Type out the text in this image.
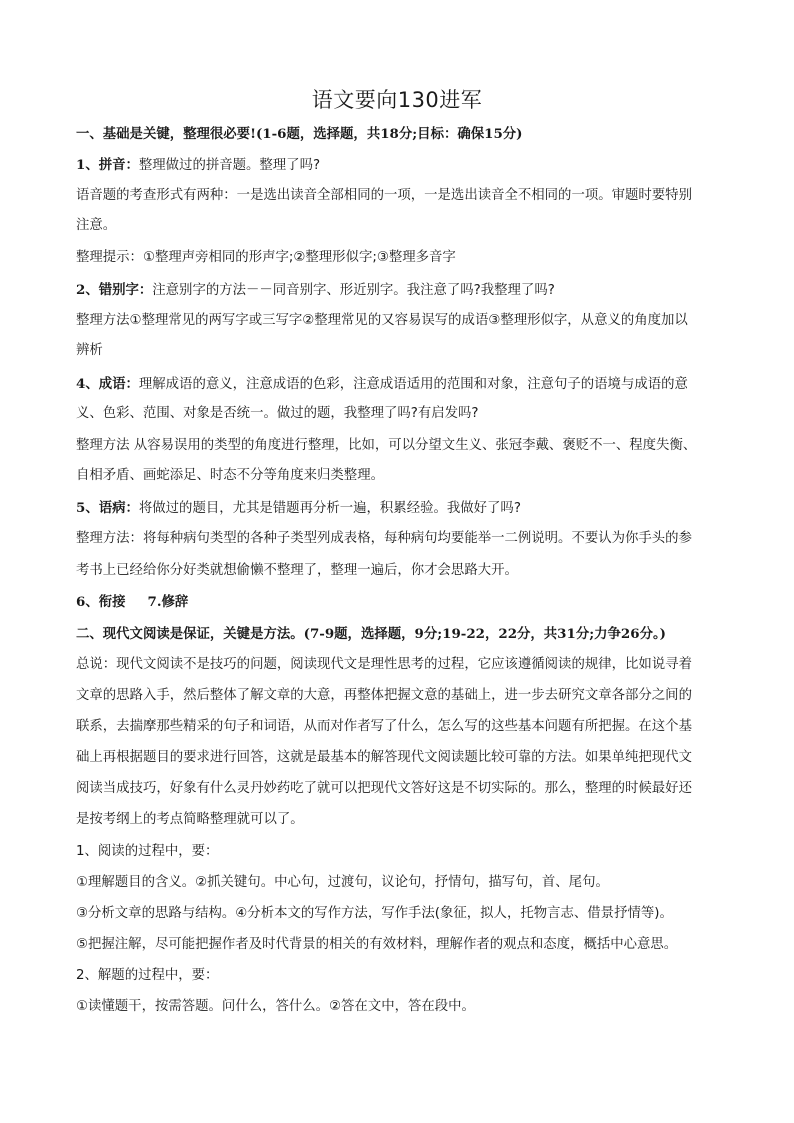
语文要向130进军
一、基础是关键，整理很必要!(1-6题，选择题，共18分;目标：确保15分)
1、拼音：整理做过的拼音题。整理了吗?
语音题的考查形式有两种：一是选出读音全部相同的一项，一是选出读音全不相同的一项。审题时要特别
注意。
整理提示：①整理声旁相同的形声字;②整理形似字;③整理多音字
2、错别字：注意别字的方法－－同音别字、形近别字。我注意了吗?我整理了吗?
整理方法①整理常见的两写字或三写字②整理常见的又容易误写的成语③整理形似字，从意义的角度加以
辨析
4、成语：理解成语的意义，注意成语的色彩，注意成语适用的范围和对象，注意句子的语境与成语的意
义、色彩、范围、对象是否统一。做过的题，我整理了吗?有启发吗?
整理方法 从容易误用的类型的角度进行整理，比如，可以分望文生义、张冠李戴、褒贬不一、程度失衡、
自相矛盾、画蛇添足、时态不分等角度来归类整理。
5、语病：将做过的题目，尤其是错题再分析一遍，积累经验。我做好了吗?
整理方法：将每种病句类型的各种子类型列成表格，每种病句均要能举一二例说明。不要认为你手头的参
考书上已经给你分好类就想偷懒不整理了，整理一遍后，你才会思路大开。
6、衔接 7.修辞
二、现代文阅读是保证，关键是方法。(7-9题，选择题，9分;19-22，22分，共31分;力争26分。)
总说：现代文阅读不是技巧的问题，阅读现代文是理性思考的过程，它应该遵循阅读的规律，比如说寻着
文章的思路入手，然后整体了解文章的大意，再整体把握文意的基础上，进一步去研究文章各部分之间的
联系，去揣摩那些精采的句子和词语，从而对作者写了什么，怎么写的这些基本问题有所把握。在这个基
础上再根据题目的要求进行回答，这就是最基本的解答现代文阅读题比较可靠的方法。如果单纯把现代文
阅读当成技巧，好象有什么灵丹妙药吃了就可以把现代文答好这是不切实际的。那么，整理的时候最好还
是按考纲上的考点简略整理就可以了。
1、阅读的过程中，要：
①理解题目的含义。②抓关键句。中心句，过渡句，议论句，抒情句，描写句，首、尾句。
③分析文章的思路与结构。④分析本文的写作方法，写作手法(象征，拟人，托物言志、借景抒情等)。
⑤把握注解，尽可能把握作者及时代背景的相关的有效材料，理解作者的观点和态度，概括中心意思。
2、解题的过程中，要：
①读懂题干，按需答题。问什么，答什么。②答在文中，答在段中。
